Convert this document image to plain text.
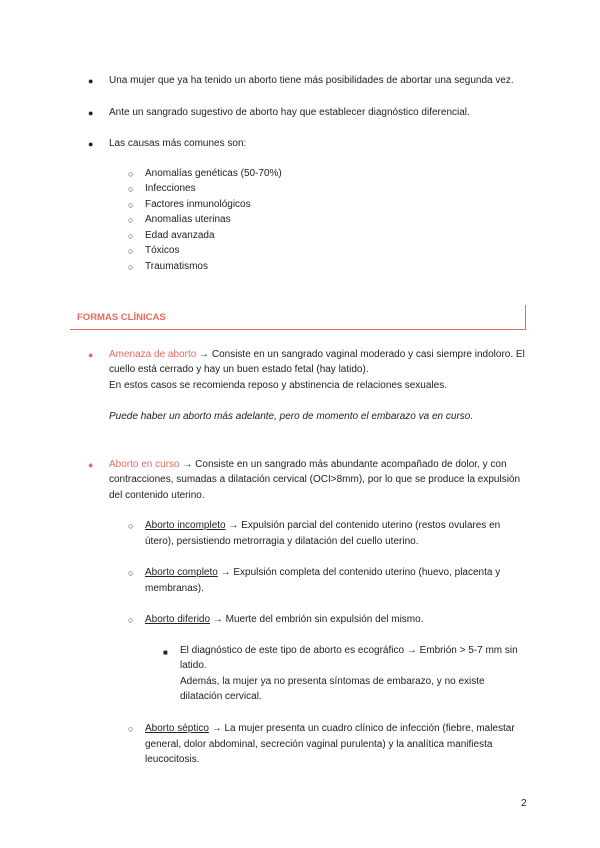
● Una mujer que ya ha tenido un aborto tiene más posibilidades de abortar una segunda vez.
● Ante un sangrado sugestivo de aborto hay que establecer diagnóstico diferencial.
● Las causas más comunes son:
○ Anomalías genéticas (50-70%)
○ Infecciones
○ Factores inmunológicos
○ Anomalías uterinas
○ Edad avanzada
○ Tóxicos
○ Traumatismos
FORMAS CLÍNICAS
● Amenaza de aborto → Consiste en un sangrado vaginal moderado y casi siempre indoloro. El
cuello está cerrado y hay un buen estado fetal (hay latido).
En estos casos se recomienda reposo y abstinencia de relaciones sexuales.
Puede haber un aborto más adelante, pero de momento el embarazo va en curso.
● Aborto en curso → Consiste en un sangrado más abundante acompañado de dolor, y con
contracciones, sumadas a dilatación cervical (OCI>8mm), por lo que se produce la expulsión
del contenido uterino.
○ Aborto incompleto → Expulsión parcial del contenido uterino (restos ovulares en
útero), persistiendo metrorragia y dilatación del cuello uterino.
○ Aborto completo → Expulsión completa del contenido uterino (huevo, placenta y
membranas).
○ Aborto diferido → Muerte del embrión sin expulsión del mismo.
■ El diagnóstico de este tipo de aborto es ecográfico → Embrión > 5-7 mm sin
latido.
Además, la mujer ya no presenta síntomas de embarazo, y no existe
dilatación cervical.
○ Aborto séptico → La mujer presenta un cuadro clínico de infección (fiebre, malestar
general, dolor abdominal, secreción vaginal purulenta) y la analítica manifiesta
leucocitosis.
2
